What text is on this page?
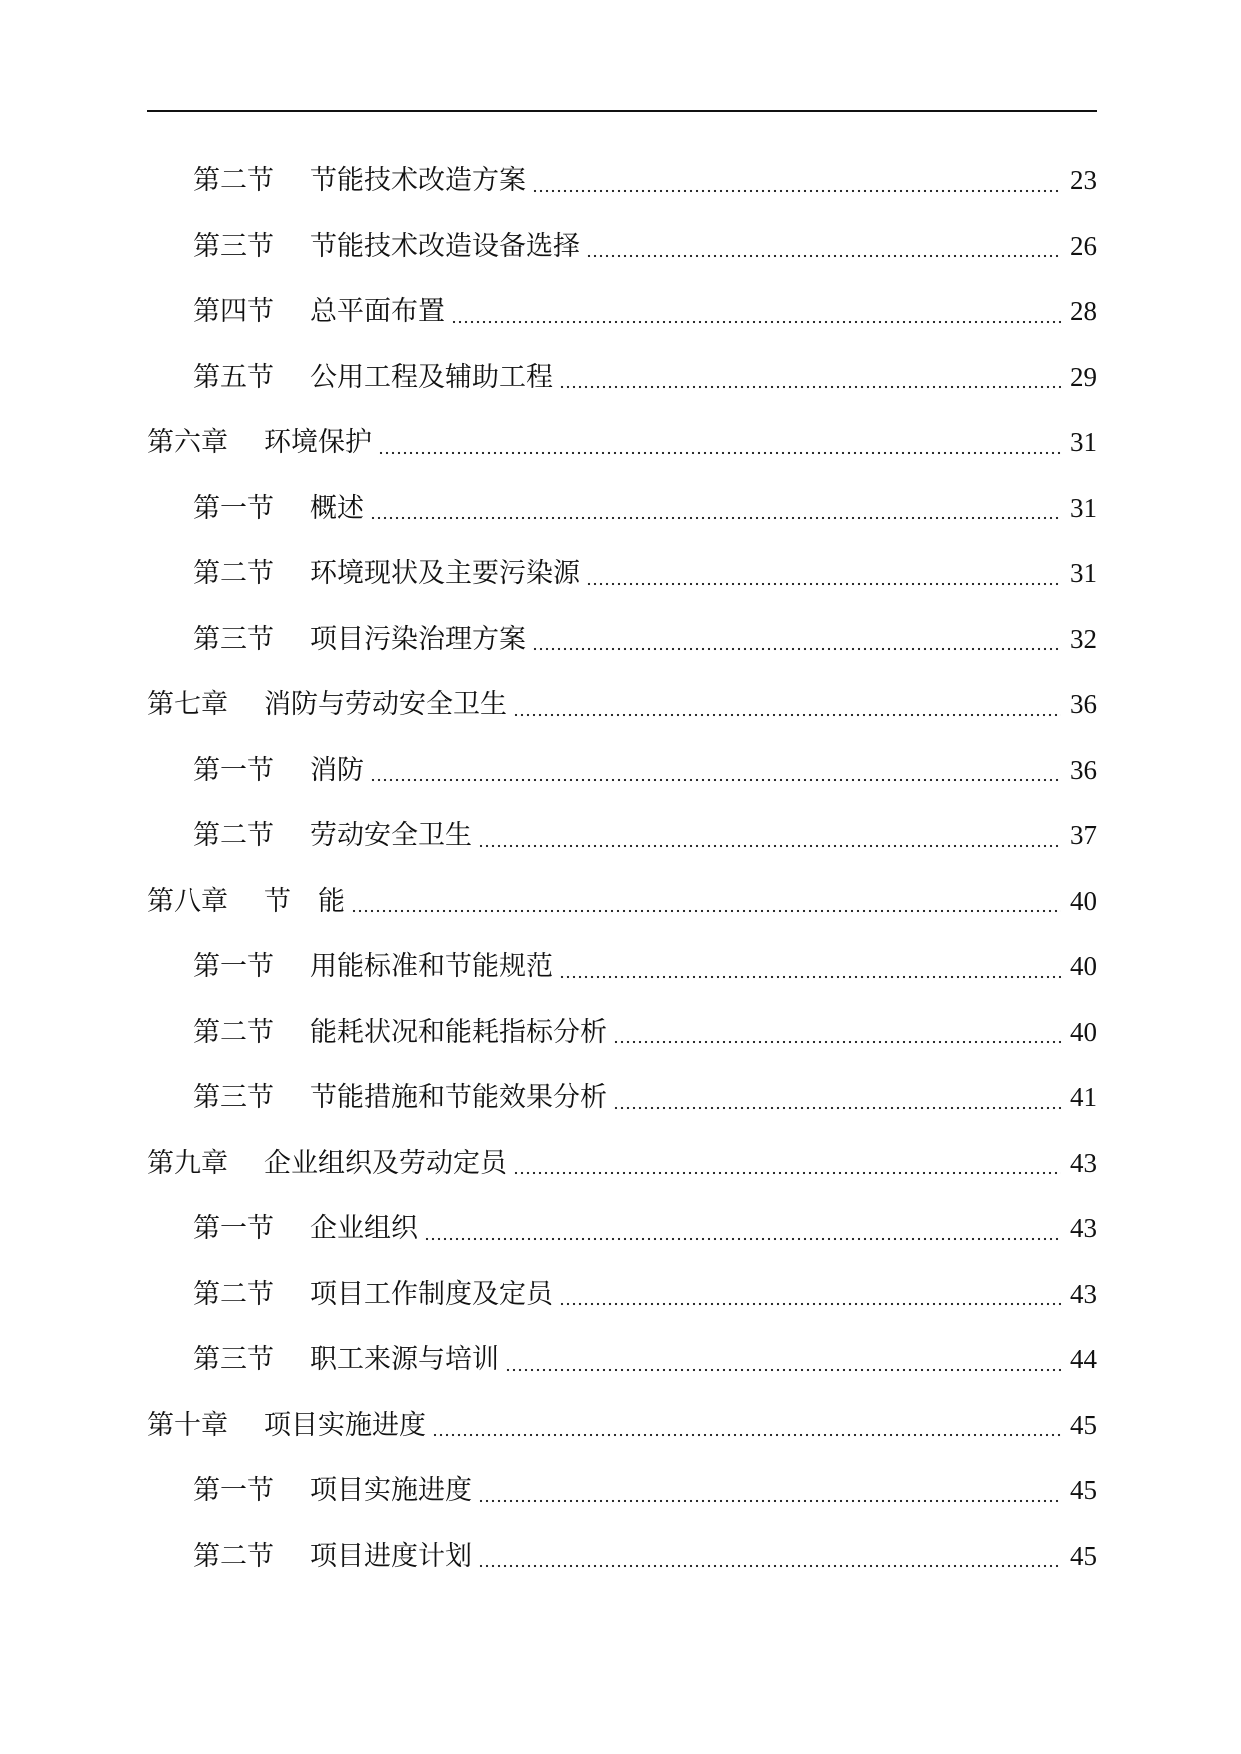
第二节	节能技术改造方案	23
第三节	节能技术改造设备选择	26
第四节	总平面布置	28
第五节	公用工程及辅助工程	29
第六章	环境保护	31
第一节	概述	31
第二节	环境现状及主要污染源	31
第三节	项目污染治理方案	32
第七章	消防与劳动安全卫生	36
第一节	消防	36
第二节	劳动安全卫生	37
第八章	节　能	40
第一节	用能标准和节能规范	40
第二节	能耗状况和能耗指标分析	40
第三节	节能措施和节能效果分析	41
第九章	企业组织及劳动定员	43
第一节	企业组织	43
第二节	项目工作制度及定员	43
第三节	职工来源与培训	44
第十章	项目实施进度	45
第一节	项目实施进度	45
第二节	项目进度计划	45
